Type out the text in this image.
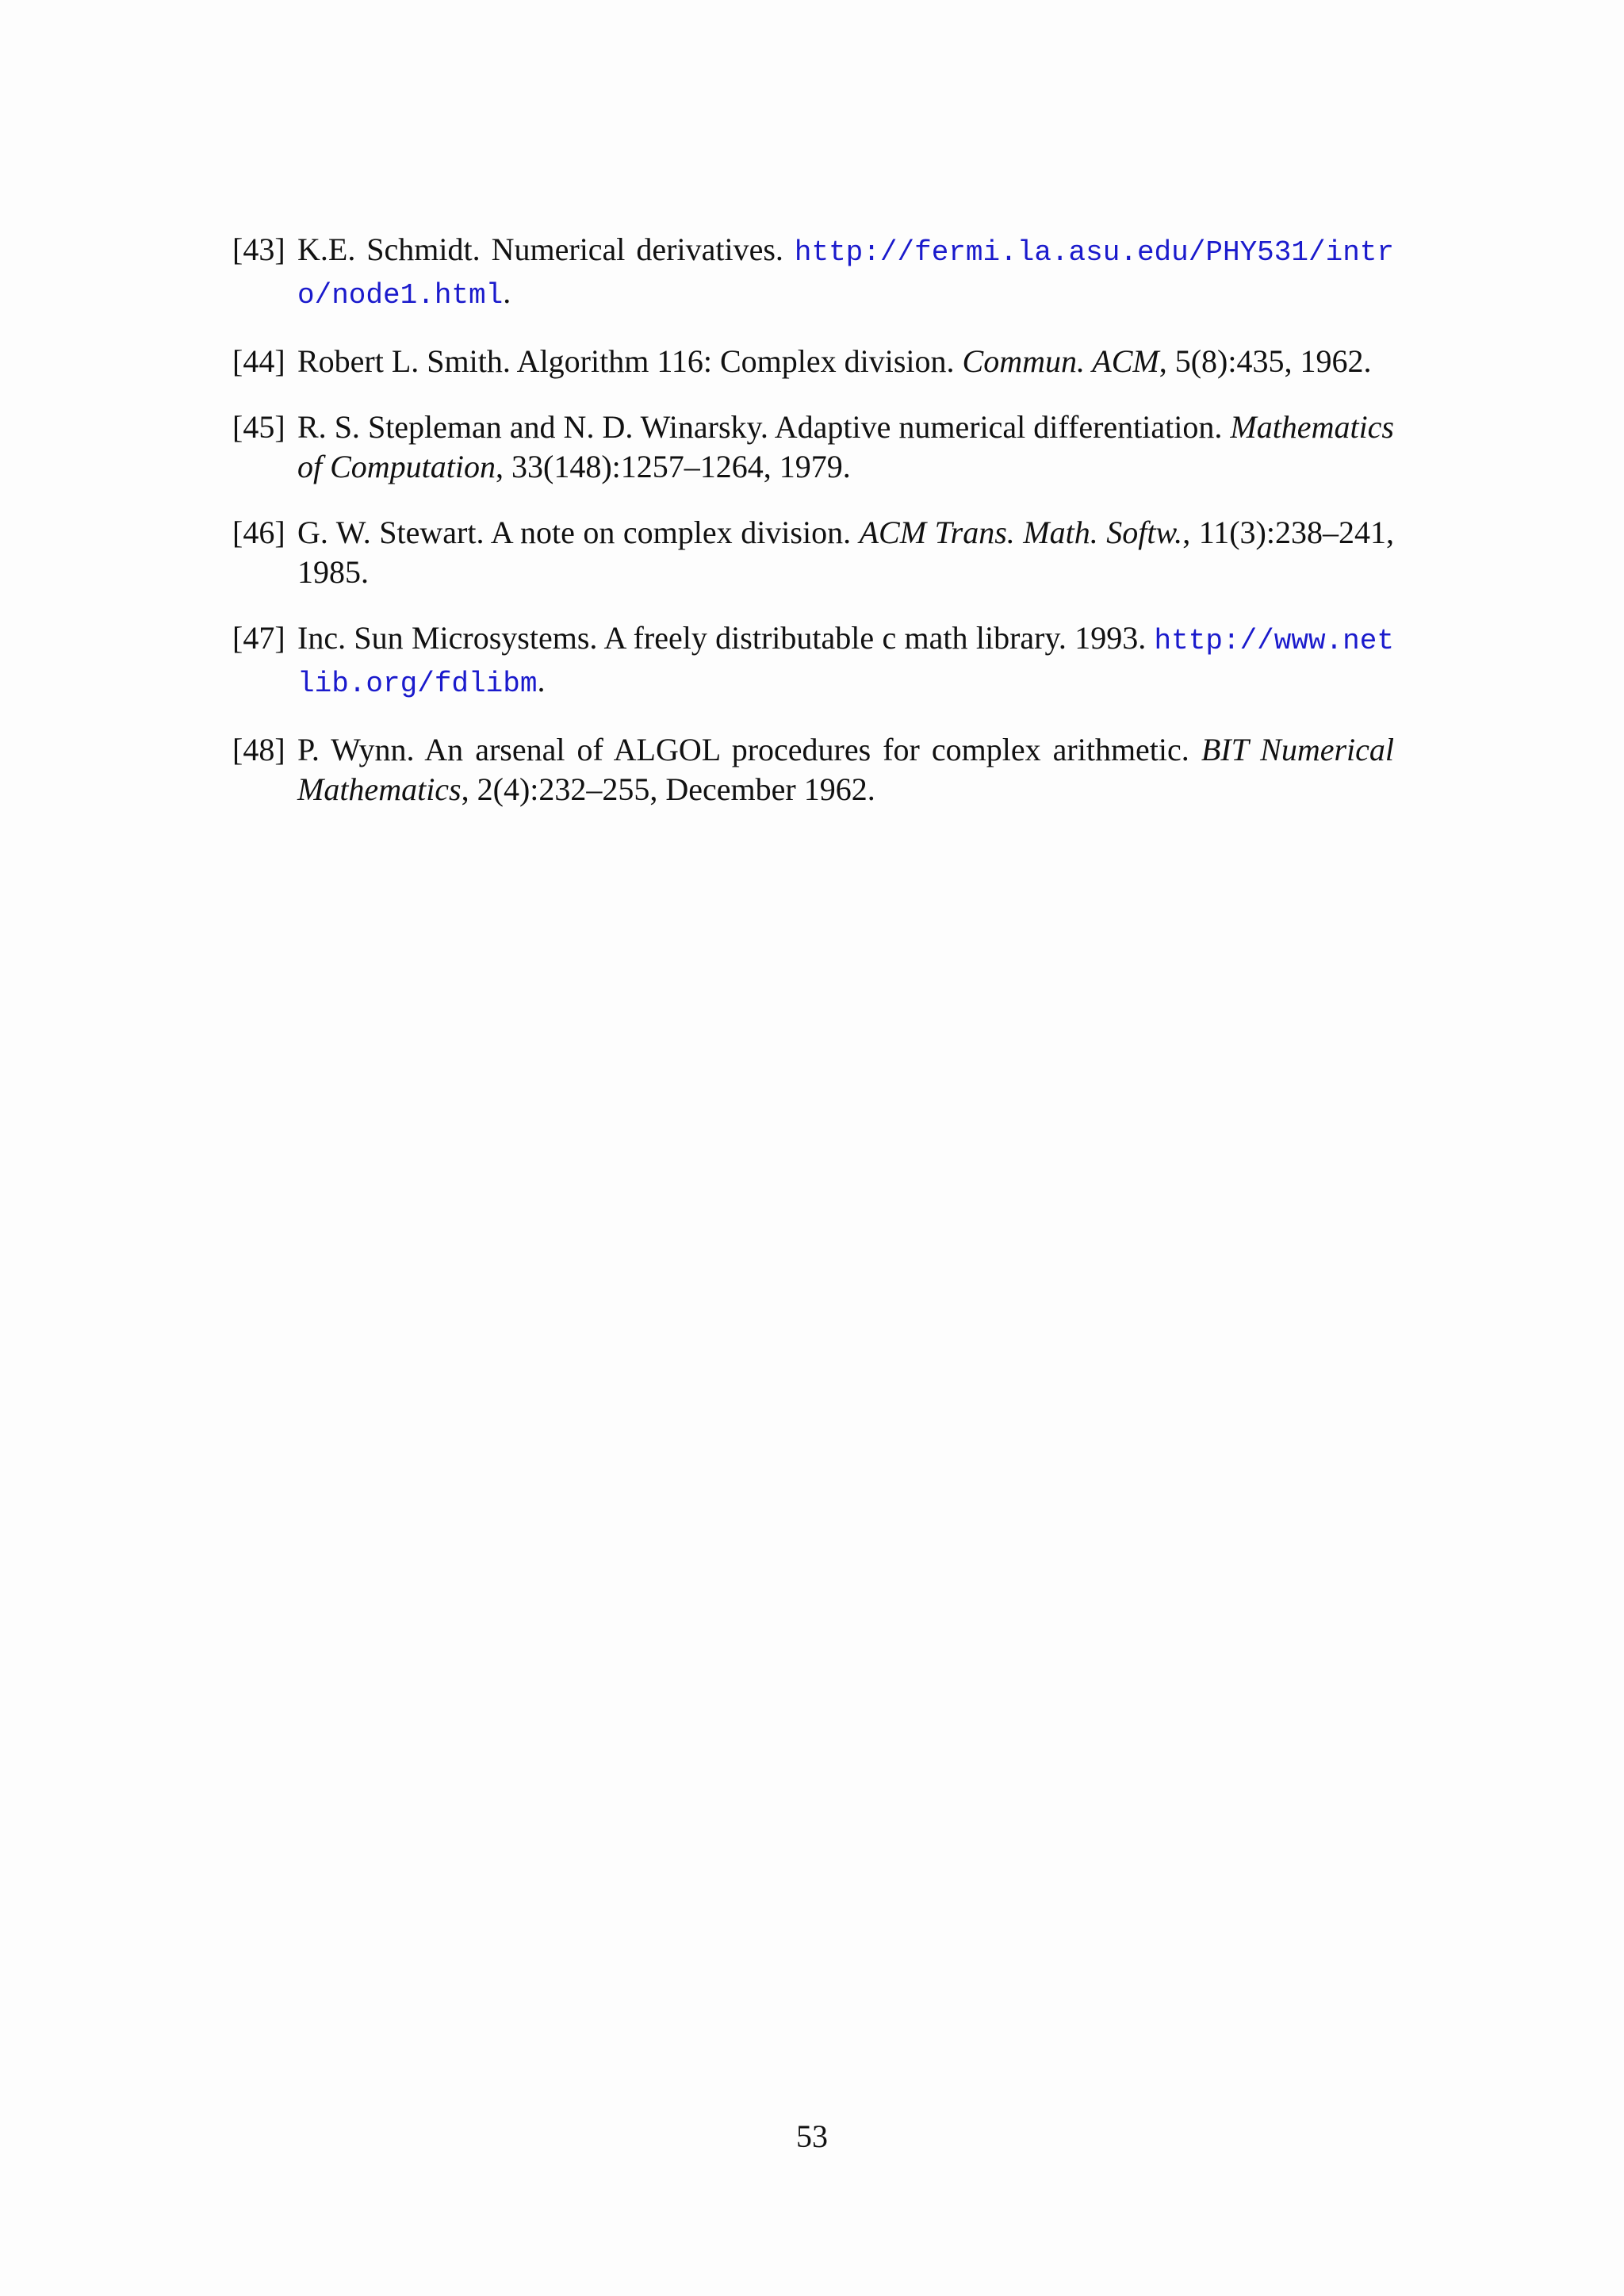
[43] K.E. Schmidt. Numerical derivatives. http://fermi.la.asu.edu/PHY531/intro/node1.html.
[44] Robert L. Smith. Algorithm 116: Complex division. Commun. ACM, 5(8):435, 1962.
[45] R. S. Stepleman and N. D. Winarsky. Adaptive numerical differentiation. Mathematics of Computation, 33(148):1257–1264, 1979.
[46] G. W. Stewart. A note on complex division. ACM Trans. Math. Softw., 11(3):238–241, 1985.
[47] Inc. Sun Microsystems. A freely distributable c math library. 1993. http://www.netlib.org/fdlibm.
[48] P. Wynn. An arsenal of ALGOL procedures for complex arithmetic. BIT Numerical Mathematics, 2(4):232–255, December 1962.
53
